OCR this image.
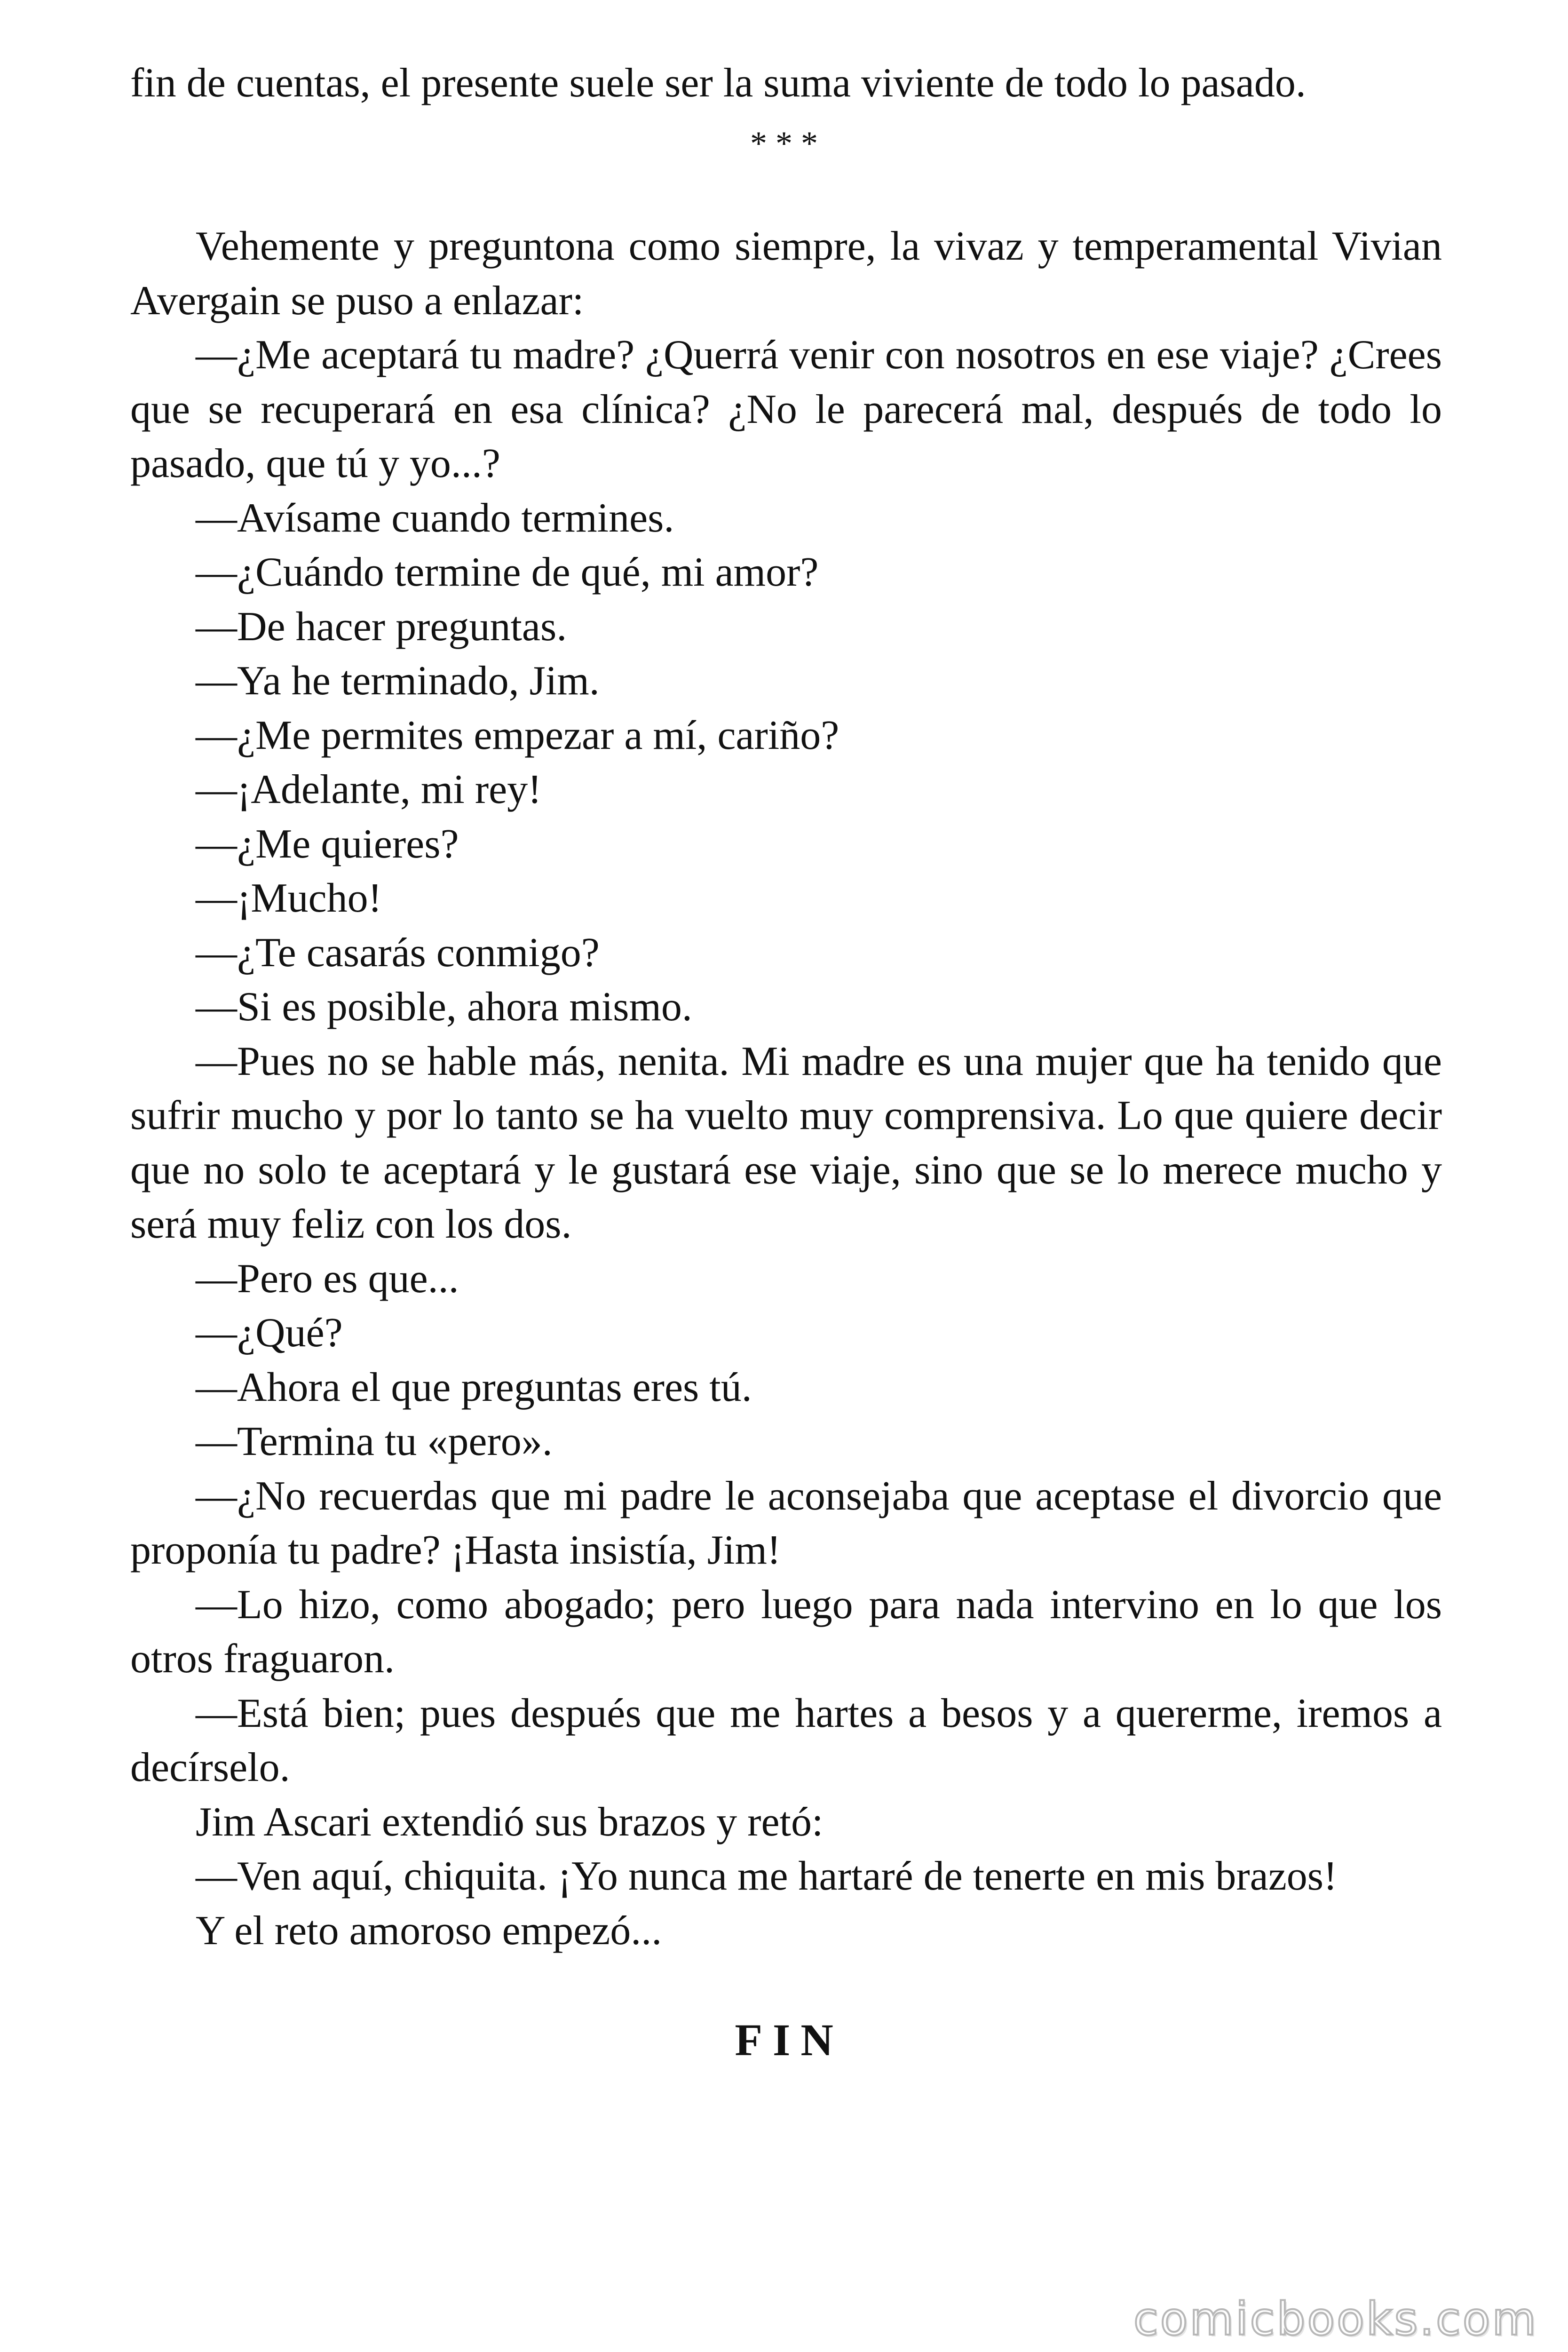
fin de cuentas, el presente suele ser la suma viviente de todo lo pasado.

* * *

Vehemente y preguntona como siempre, la vivaz y temperamental Vivian Avergain se puso a enlazar:

—¿Me aceptará tu madre? ¿Querrá venir con nosotros en ese viaje? ¿Crees que se recuperará en esa clínica? ¿No le parecerá mal, después de todo lo pasado, que tú y yo...?

—Avísame cuando termines.

—¿Cuándo termine de qué, mi amor?

—De hacer preguntas.

—Ya he terminado, Jim.

—¿Me permites empezar a mí, cariño?

—¡Adelante, mi rey!

—¿Me quieres?

—¡Mucho!

—¿Te casarás conmigo?

—Si es posible, ahora mismo.

—Pues no se hable más, nenita. Mi madre es una mujer que ha tenido que sufrir mucho y por lo tanto se ha vuelto muy comprensiva. Lo que quiere decir que no solo te aceptará y le gustará ese viaje, sino que se lo merece mucho y será muy feliz con los dos.

—Pero es que...

—¿Qué?

—Ahora el que preguntas eres tú.

—Termina tu «pero».

—¿No recuerdas que mi padre le aconsejaba que aceptase el divorcio que proponía tu padre? ¡Hasta insistía, Jim!

—Lo hizo, como abogado; pero luego para nada intervino en lo que los otros fraguaron.

—Está bien; pues después que me hartes a besos y a quererme, iremos a decírselo.

Jim Ascari extendió sus brazos y retó:

—Ven aquí, chiquita. ¡Yo nunca me hartaré de tenerte en mis brazos!

Y el reto amoroso empezó...

FIN
comicbooks.com
